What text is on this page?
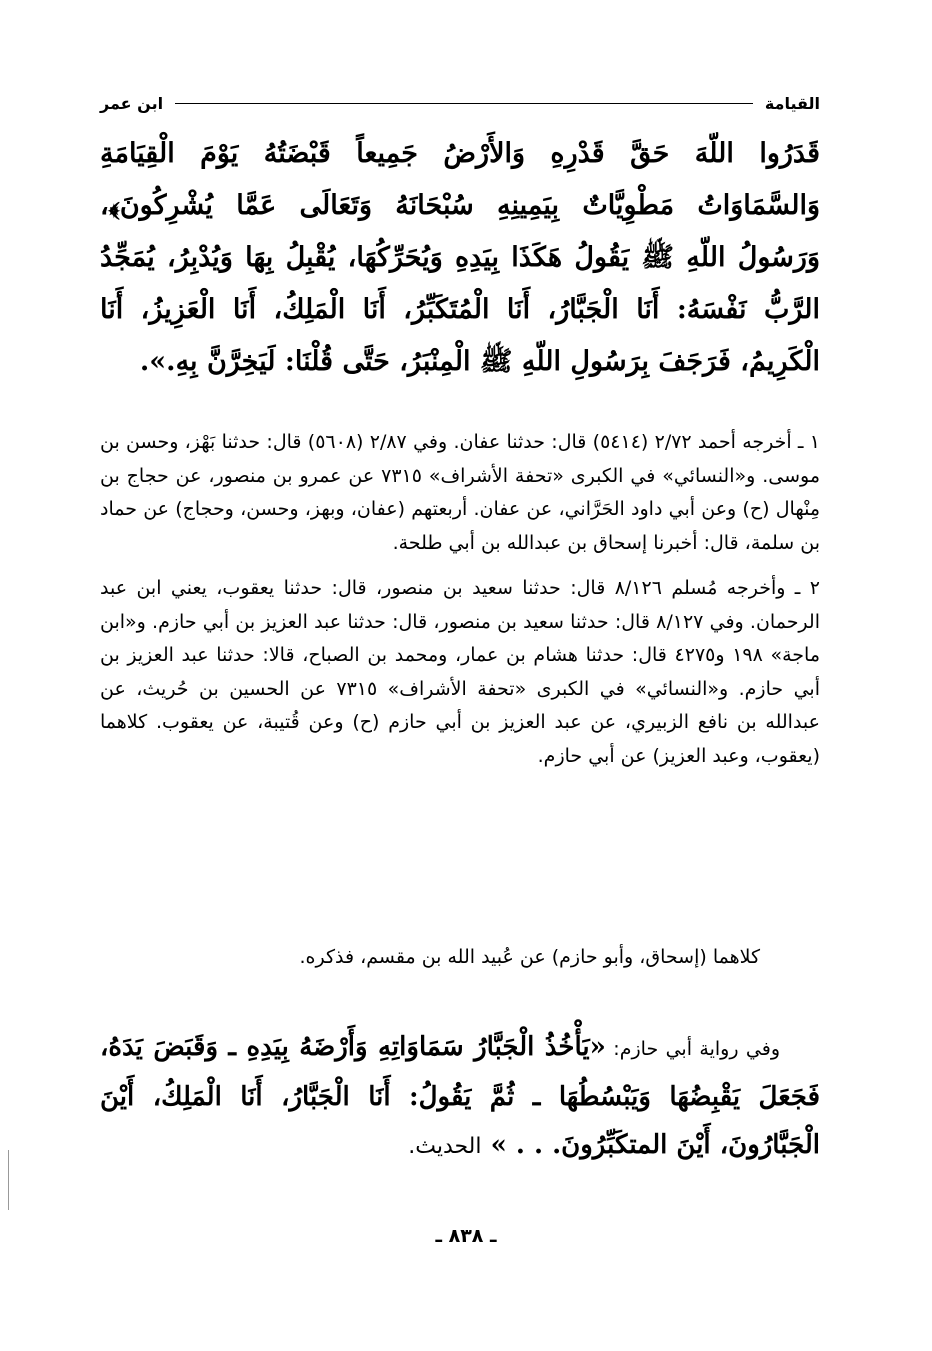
القيامة
ابن عمر
قَدَرُوا اللّهَ حَقَّ قَدْرِهِ وَالأَرْضُ جَمِيعاً قَبْضَتُهُ يَوْمَ الْقِيَامَةِ وَالسَّمَاوَاتُ مَطْوِيَّاتٌ بِيَمِينِهِ سُبْحَانَهُ وَتَعَالَى عَمَّا يُشْرِكُونَ﴾، وَرَسُولُ اللّهِ ﷺ يَقُولُ هَكَذَا بِيَدِهِ وَيُحَرِّكُهَا، يُقْبِلُ بِهَا وَيُدْبِرُ، يُمَجِّدُ الرَّبُّ نَفْسَهُ: أَنَا الْجَبَّارُ، أَنَا الْمُتَكَبِّرُ، أَنَا الْمَلِكُ، أَنَا الْعَزِيزُ، أَنَا الْكَرِيمُ، فَرَجَفَ بِرَسُولِ اللّهِ ﷺ الْمِنْبَرُ، حَتَّى قُلْنَا: لَيَخِرَّنَّ بِهِ.».

١ ـ أخرجه أحمد ٢/٧٢ (٥٤١٤) قال: حدثنا عفان. وفي ٢/٨٧ (٥٦٠٨) قال: حدثنا بَهْز، وحسن بن موسى. و«النسائي» في الكبرى «تحفة الأشراف» ٧٣١٥ عن عمرو بن منصور، عن حجاج بن مِنْهال (ح) وعن أبي داود الحَرَّاني، عن عفان. أربعتهم (عفان، وبهز، وحسن، وحجاج) عن حماد بن سلمة، قال: أخبرنا إسحاق بن عبدالله بن أبي طلحة.

٢ ـ وأخرجه مُسلم ٨/١٢٦ قال: حدثنا سعيد بن منصور، قال: حدثنا يعقوب، يعني ابن عبد الرحمان. وفي ٨/١٢٧ قال: حدثنا سعيد بن منصور، قال: حدثنا عبد العزيز بن أبي حازم. و«ابن ماجة» ١٩٨ و٤٢٧٥ قال: حدثنا هشام بن عمار، ومحمد بن الصباح، قالا: حدثنا عبد العزيز بن أبي حازم. و«النسائي» في الكبرى «تحفة الأشراف» ٧٣١٥ عن الحسين بن حُريث، عن عبدالله بن نافع الزبيري، عن عبد العزيز بن أبي حازم (ح) وعن قُتيبة، عن يعقوب. كلاهما (يعقوب، وعبد العزيز) عن أبي حازم.

كلاهما (إسحاق، وأبو حازم) عن عُبيد الله بن مقسم، فذكره.
وفي رواية أبي حازم: «يَأْخُذُ الْجَبَّارُ سَمَاوَاتِهِ وَأَرْضَهُ بِيَدِهِ ـ وَقَبَضَ يَدَهُ، فَجَعَلَ يَقْبِضُهَا وَيَبْسُطُهَا ـ ثُمَّ يَقُولُ: أَنَا الْجَبَّارُ، أَنَا الْمَلِكُ، أَيْنَ الْجَبَّارُونَ، أَيْنَ المتكَبِّرُونَ. . . » الحديث.
ـ ٨٣٨ ـ
